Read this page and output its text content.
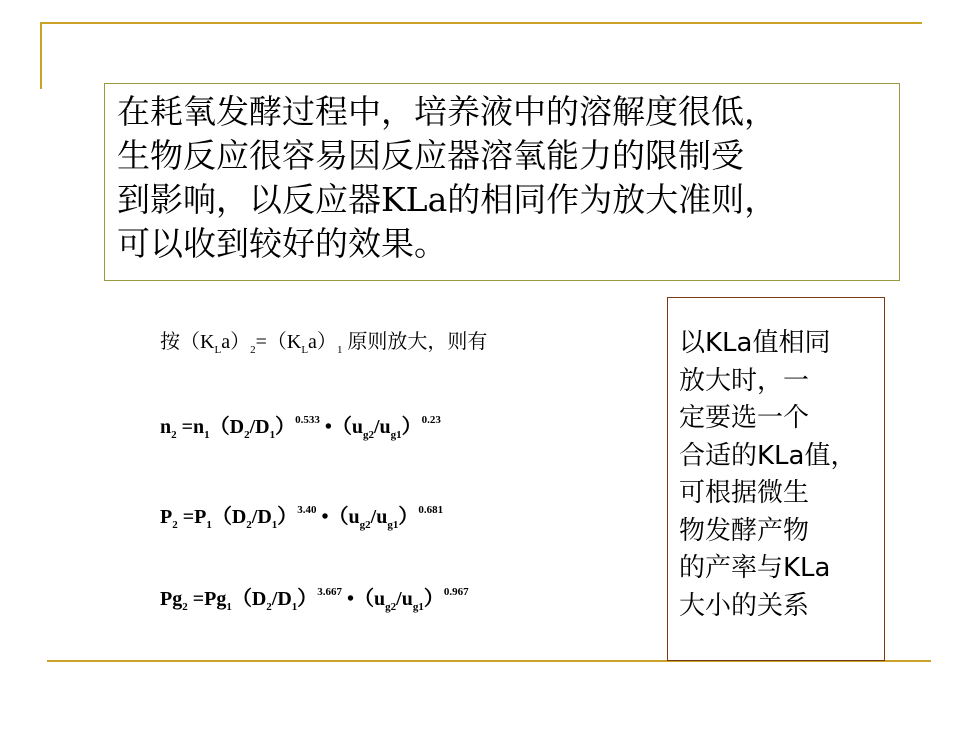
在耗氧发酵过程中，培养液中的溶解度很低，
生物反应很容易因反应器溶氧能力的限制受
到影响，以反应器KLa的相同作为放大准则，
可以收到较好的效果。

按$(K_La)_2=(K_La)_1$ 原则放大，则有
$n_2 =n_1(D_2/D_1)^{0.533}$ $•(u_{g2}/u_{g1})^{0.23}$
$P_2 =P_1(D_2/D_1)^{3.40}$ $•(u_{g2}/u_{g1})^{0.681}$
$Pg_2 =Pg_1(D_2/D_1)^{3.667}$ $•(u_{g2}/u_{g1})^{0.967}$

以KLa值相同
放大时，一
定要选一个
合适的KLa值，
可根据微生
物发酵产物
的产率与KLa
大小的关系
